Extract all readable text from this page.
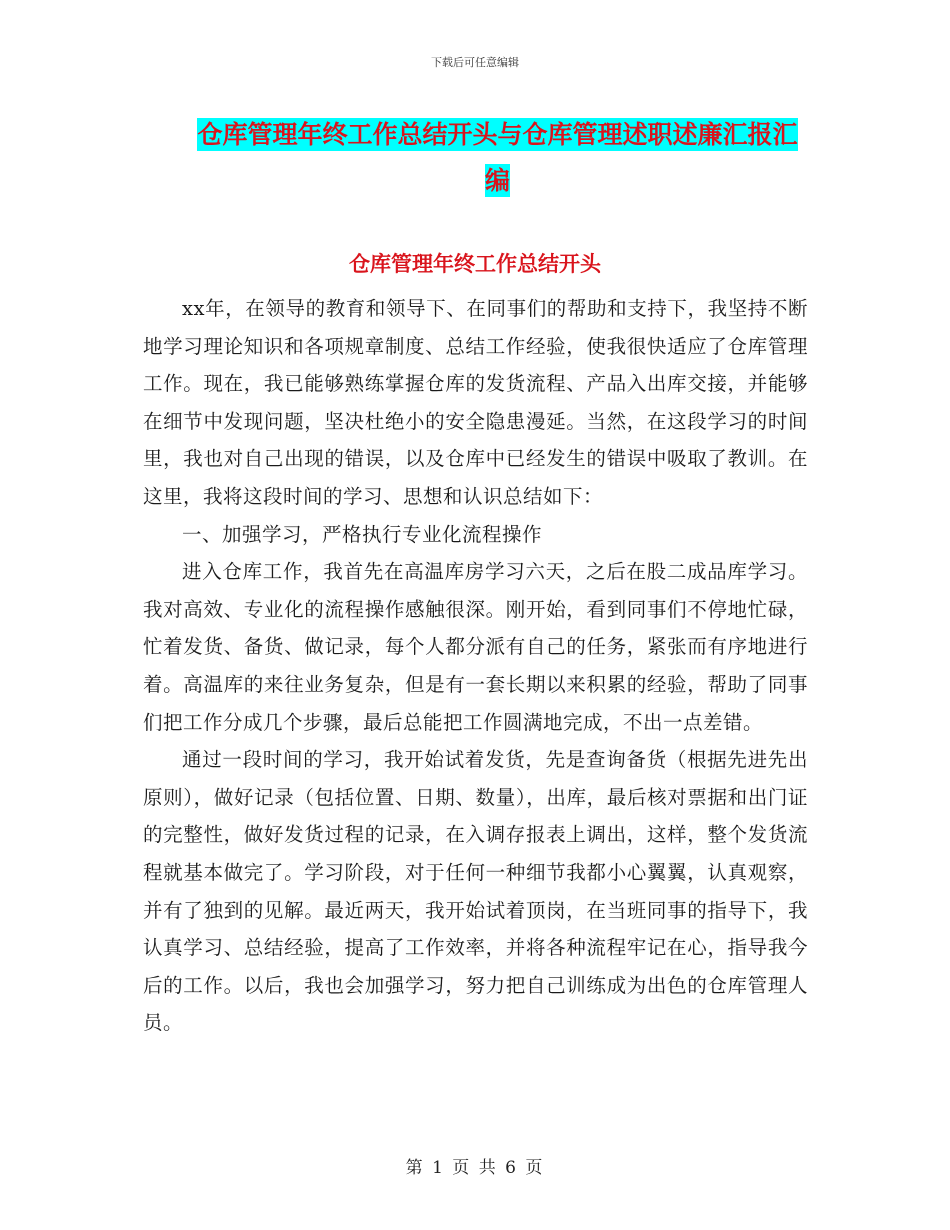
下载后可任意编辑
仓库管理年终工作总结开头与仓库管理述职述廉汇报汇编
仓库管理年终工作总结开头

xx年，在领导的教育和领导下、在同事们的帮助和支持下，我坚持不断地学习理论知识和各项规章制度、总结工作经验，使我很快适应了仓库管理工作。现在，我已能够熟练掌握仓库的发货流程、产品入出库交接，并能够在细节中发现问题，坚决杜绝小的安全隐患漫延。当然，在这段学习的时间里，我也对自己出现的错误，以及仓库中已经发生的错误中吸取了教训。在这里，我将这段时间的学习、思想和认识总结如下：

一、加强学习，严格执行专业化流程操作

进入仓库工作，我首先在高温库房学习六天，之后在股二成品库学习。我对高效、专业化的流程操作感触很深。刚开始，看到同事们不停地忙碌，忙着发货、备货、做记录，每个人都分派有自己的任务，紧张而有序地进行着。高温库的来往业务复杂，但是有一套长期以来积累的经验，帮助了同事们把工作分成几个步骤，最后总能把工作圆满地完成，不出一点差错。

通过一段时间的学习，我开始试着发货，先是查询备货（根据先进先出原则），做好记录（包括位置、日期、数量），出库，最后核对票据和出门证的完整性，做好发货过程的记录，在入调存报表上调出，这样，整个发货流程就基本做完了。学习阶段，对于任何一种细节我都小心翼翼，认真观察，并有了独到的见解。最近两天，我开始试着顶岗，在当班同事的指导下，我认真学习、总结经验，提高了工作效率，并将各种流程牢记在心，指导我今后的工作。以后，我也会加强学习，努力把自己训练成为出色的仓库管理人员。

第 1 页 共 6 页
